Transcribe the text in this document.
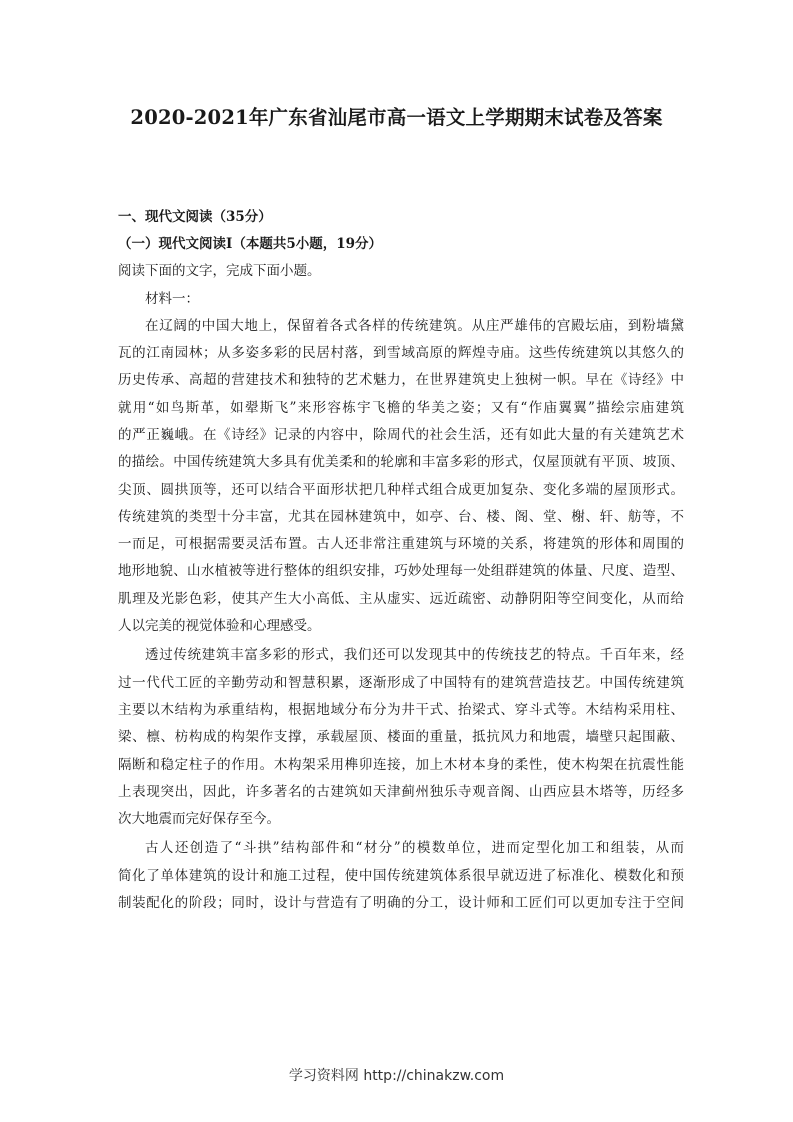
2020-2021年广东省汕尾市高一语文上学期期末试卷及答案
一、现代文阅读（35分）
（一）现代文阅读I（本题共5小题，19分）
阅读下面的文字，完成下面小题。
材料一：
在辽阔的中国大地上，保留着各式各样的传统建筑。从庄严雄伟的宫殿坛庙，到粉墙黛
瓦的江南园林；从多姿多彩的民居村落，到雪域高原的辉煌寺庙。这些传统建筑以其悠久的
历史传承、高超的营建技术和独特的艺术魅力，在世界建筑史上独树一帜。早在《诗经》中
就用“如鸟斯革，如翚斯飞”来形容栋宇飞檐的华美之姿；又有“作庙翼翼”描绘宗庙建筑
的严正巍峨。在《诗经》记录的内容中，除周代的社会生活，还有如此大量的有关建筑艺术
的描绘。中国传统建筑大多具有优美柔和的轮廓和丰富多彩的形式，仅屋顶就有平顶、坡顶、
尖顶、圆拱顶等，还可以结合平面形状把几种样式组合成更加复杂、变化多端的屋顶形式。
传统建筑的类型十分丰富，尤其在园林建筑中，如亭、台、楼、阁、堂、榭、轩、舫等，不
一而足，可根据需要灵活布置。古人还非常注重建筑与环境的关系，将建筑的形体和周围的
地形地貌、山水植被等进行整体的组织安排，巧妙处理每一处组群建筑的体量、尺度、造型、
肌理及光影色彩，使其产生大小高低、主从虚实、远近疏密、动静阴阳等空间变化，从而给
人以完美的视觉体验和心理感受。
透过传统建筑丰富多彩的形式，我们还可以发现其中的传统技艺的特点。千百年来，经
过一代代工匠的辛勤劳动和智慧积累，逐渐形成了中国特有的建筑营造技艺。中国传统建筑
主要以木结构为承重结构，根据地域分布分为井干式、抬梁式、穿斗式等。木结构采用柱、
梁、檩、枋构成的构架作支撑，承载屋顶、楼面的重量，抵抗风力和地震，墙壁只起围蔽、
隔断和稳定柱子的作用。木构架采用榫卯连接，加上木材本身的柔性，使木构架在抗震性能
上表现突出，因此，许多著名的古建筑如天津蓟州独乐寺观音阁、山西应县木塔等，历经多
次大地震而完好保存至今。
古人还创造了“斗拱”结构部件和“材分”的模数单位，进而定型化加工和组装，从而
简化了单体建筑的设计和施工过程，使中国传统建筑体系很早就迈进了标准化、模数化和预
制装配化的阶段；同时，设计与营造有了明确的分工，设计师和工匠们可以更加专注于空间
学习资料网 http://chinakzw.com
